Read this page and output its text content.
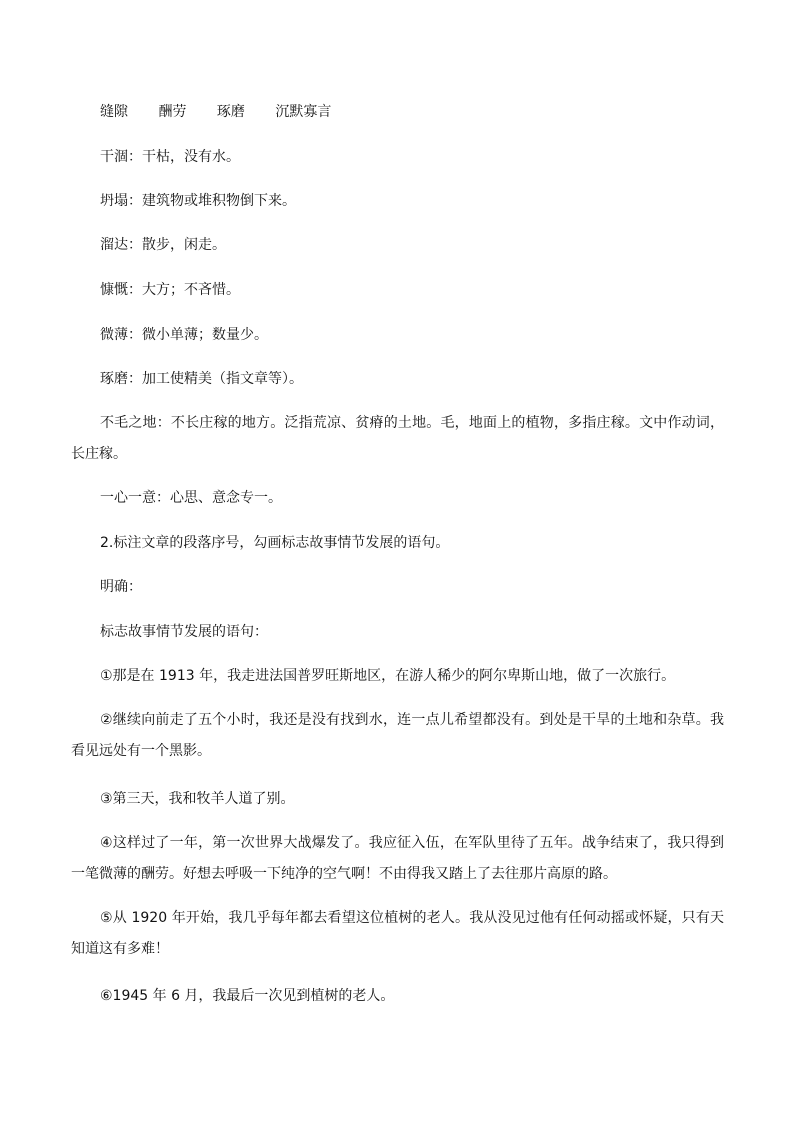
缝隙 酬劳 琢磨 沉默寡言
干涸：干枯，没有水。
坍塌：建筑物或堆积物倒下来。
溜达：散步，闲走。
慷慨：大方；不吝惜。
微薄：微小单薄；数量少。
琢磨：加工使精美（指文章等）。
不毛之地：不长庄稼的地方。泛指荒凉、贫瘠的土地。毛，地面上的植物，多指庄稼。文中作动词，长庄稼。
一心一意：心思、意念专一。
2.标注文章的段落序号，勾画标志故事情节发展的语句。
明确：
标志故事情节发展的语句：
①那是在 1913 年，我走进法国普罗旺斯地区，在游人稀少的阿尔卑斯山地，做了一次旅行。
②继续向前走了五个小时，我还是没有找到水，连一点儿希望都没有。到处是干旱的土地和杂草。我看见远处有一个黑影。
③第三天，我和牧羊人道了别。
④这样过了一年，第一次世界大战爆发了。我应征入伍，在军队里待了五年。战争结束了，我只得到一笔微薄的酬劳。好想去呼吸一下纯净的空气啊！不由得我又踏上了去往那片高原的路。
⑤从 1920 年开始，我几乎每年都去看望这位植树的老人。我从没见过他有任何动摇或怀疑，只有天知道这有多难！
⑥1945 年 6 月，我最后一次见到植树的老人。
